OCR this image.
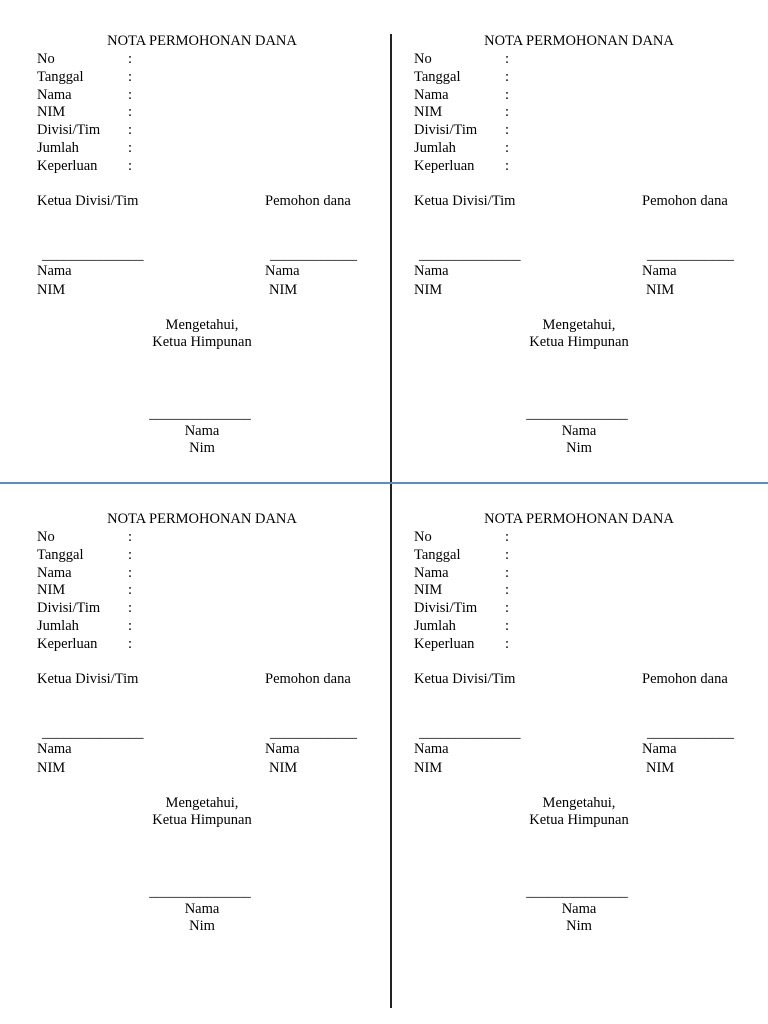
NOTA PERMOHONAN DANA
No	:
Tanggal	:
Nama	:
NIM	:
Divisi/Tim :
Jumlah	:
Keperluan :
Ketua Divisi/Tim	Pemohon dana
______________	____________
Nama	Nama
NIM	NIM
Mengetahui,
Ketua Himpunan
______________
Nama
Nim
NOTA PERMOHONAN DANA
No	:
Tanggal	:
Nama	:
NIM	:
Divisi/Tim :
Jumlah	:
Keperluan :
Ketua Divisi/Tim	Pemohon dana
______________	____________
Nama	Nama
NIM	NIM
Mengetahui,
Ketua Himpunan
______________
Nama
Nim
NOTA PERMOHONAN DANA
No	:
Tanggal	:
Nama	:
NIM	:
Divisi/Tim :
Jumlah	:
Keperluan :
Ketua Divisi/Tim	Pemohon dana
______________	____________
Nama	Nama
NIM	NIM
Mengetahui,
Ketua Himpunan
______________
Nama
Nim
NOTA PERMOHONAN DANA
No	:
Tanggal	:
Nama	:
NIM	:
Divisi/Tim :
Jumlah	:
Keperluan :
Ketua Divisi/Tim	Pemohon dana
______________	____________
Nama	Nama
NIM	NIM
Mengetahui,
Ketua Himpunan
______________
Nama
Nim
